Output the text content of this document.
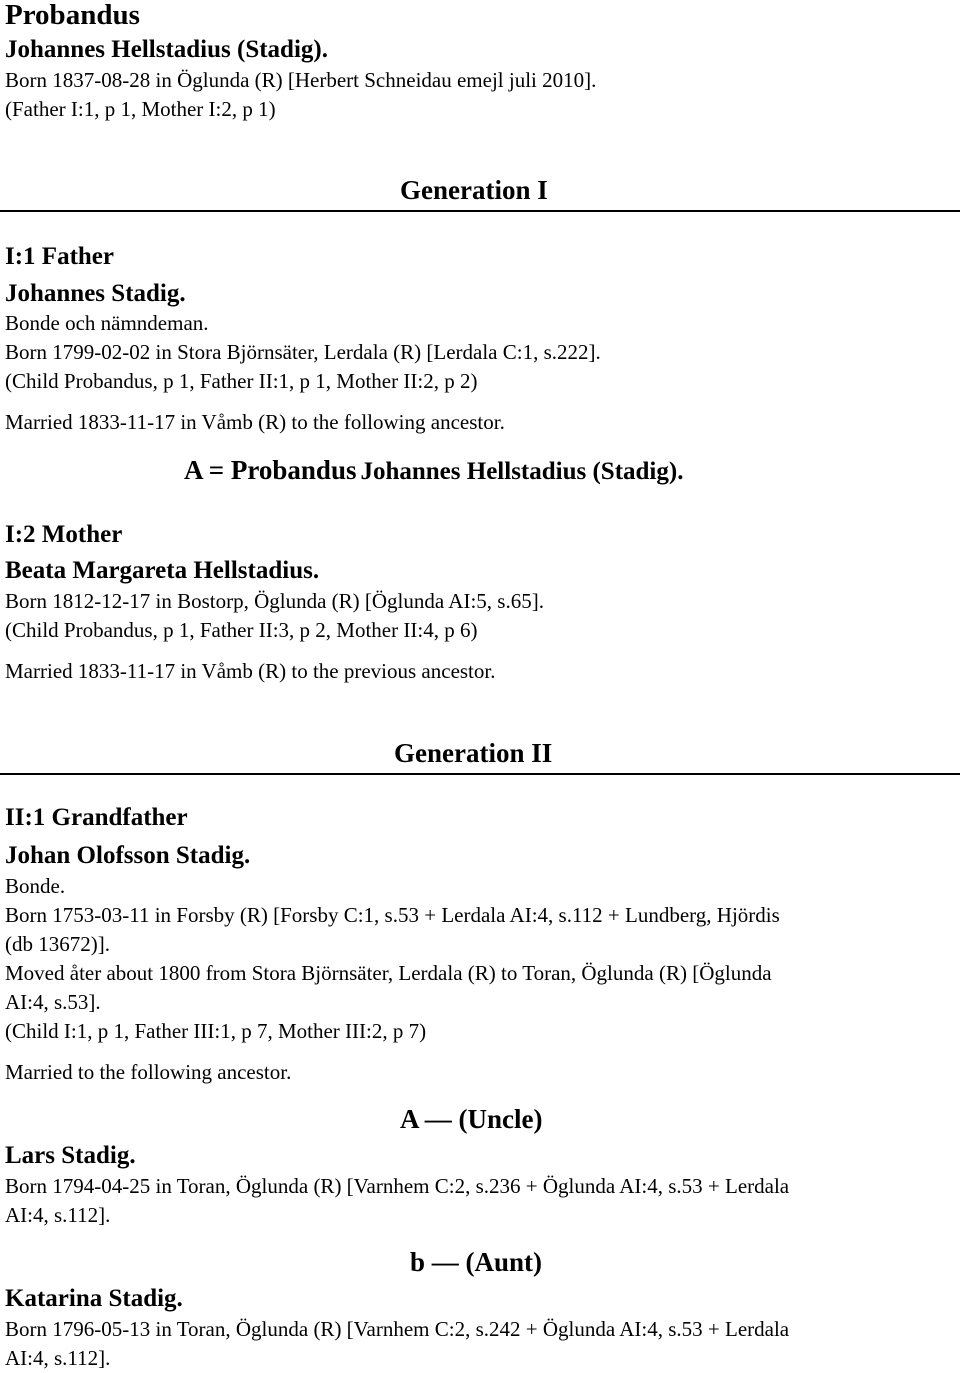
Probandus
Johannes Hellstadius (Stadig).
Born 1837-08-28 in Öglunda (R) [Herbert Schneidau emejl juli 2010].
(Father I:1, p 1, Mother I:2, p 1)
Generation I
I:1 Father
Johannes Stadig.
Bonde och nämndeman.
Born 1799-02-02 in Stora Björnsäter, Lerdala (R) [Lerdala C:1, s.222].
(Child Probandus, p 1, Father II:1, p 1, Mother II:2, p 2)
Married 1833-11-17 in Våmb (R) to the following ancestor.
A = Probandus Johannes Hellstadius (Stadig).
I:2 Mother
Beata Margareta Hellstadius.
Born 1812-12-17 in Bostorp, Öglunda (R) [Öglunda AI:5, s.65].
(Child Probandus, p 1, Father II:3, p 2, Mother II:4, p 6)
Married 1833-11-17 in Våmb (R) to the previous ancestor.
Generation II
II:1 Grandfather
Johan Olofsson Stadig.
Bonde.
Born 1753-03-11 in Forsby (R) [Forsby C:1, s.53 + Lerdala AI:4, s.112 + Lundberg, Hjördis
(db 13672)].
Moved åter about 1800 from Stora Björnsäter, Lerdala (R) to Toran, Öglunda (R) [Öglunda
AI:4, s.53].
(Child I:1, p 1, Father III:1, p 7, Mother III:2, p 7)
Married to the following ancestor.
A — (Uncle)
Lars Stadig.
Born 1794-04-25 in Toran, Öglunda (R) [Varnhem C:2, s.236 + Öglunda AI:4, s.53 + Lerdala
AI:4, s.112].
b — (Aunt)
Katarina Stadig.
Born 1796-05-13 in Toran, Öglunda (R) [Varnhem C:2, s.242 + Öglunda AI:4, s.53 + Lerdala
AI:4, s.112].
